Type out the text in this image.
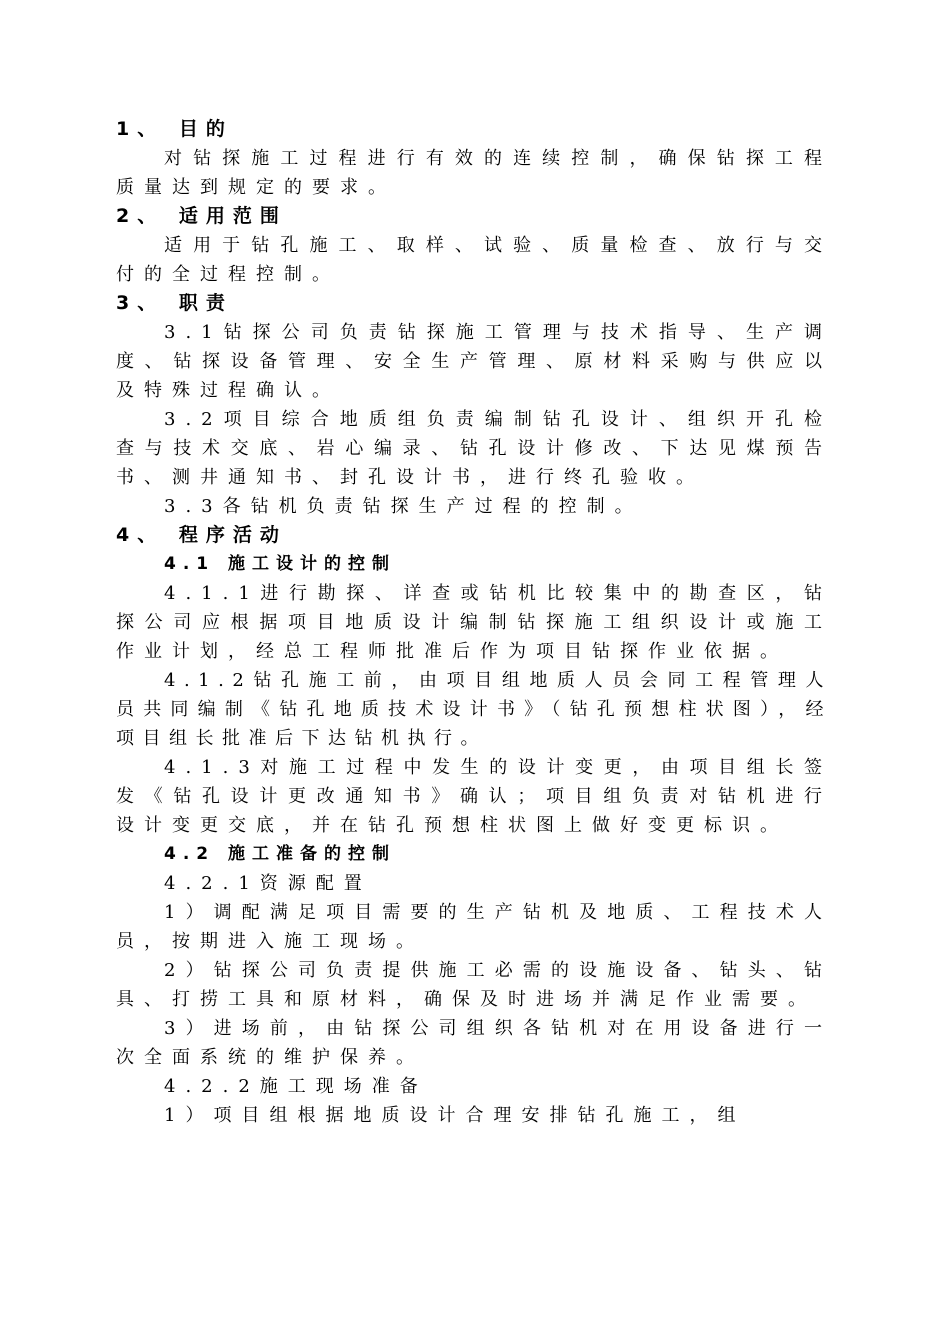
1、 目的

对钻探施工过程进行有效的连续控制，确保钻探工程质量达到规定的要求。

2、 适用范围

适用于钻孔施工、取样、试验、质量检查、放行与交付的全过程控制。

3、 职责

3.1钻探公司负责钻探施工管理与技术指导、生产调度、钻探设备管理、安全生产管理、原材料采购与供应以及特殊过程确认。

3.2项目综合地质组负责编制钻孔设计、组织开孔检查与技术交底、岩心编录、钻孔设计修改、下达见煤预告书、测井通知书、封孔设计书，进行终孔验收。

3.3各钻机负责钻探生产过程的控制。

4、 程序活动
4.1 施工设计的控制

4.1.1进行勘探、详查或钻机比较集中的勘查区，钻探公司应根据项目地质设计编制钻探施工组织设计或施工作业计划，经总工程师批准后作为项目钻探作业依据。

4.1.2钻孔施工前，由项目组地质人员会同工程管理人员共同编制《钻孔地质技术设计书》（钻孔预想柱状图），经项目组长批准后下达钻机执行。

4.1.3对施工过程中发生的设计变更，由项目组长签发《钻孔设计更改通知书》确认；项目组负责对钻机进行设计变更交底，并在钻孔预想柱状图上做好变更标识。

4.2 施工准备的控制
4.2.1资源配置

1）调配满足项目需要的生产钻机及地质、工程技术人员，按期进入施工现场。

2）钻探公司负责提供施工必需的设施设备、钻头、钻具、打捞工具和原材料，确保及时进场并满足作业需要。

3）进场前，由钻探公司组织各钻机对在用设备进行一次全面系统的维护保养。

4.2.2施工现场准备

1）项目组根据地质设计合理安排钻孔施工，组
